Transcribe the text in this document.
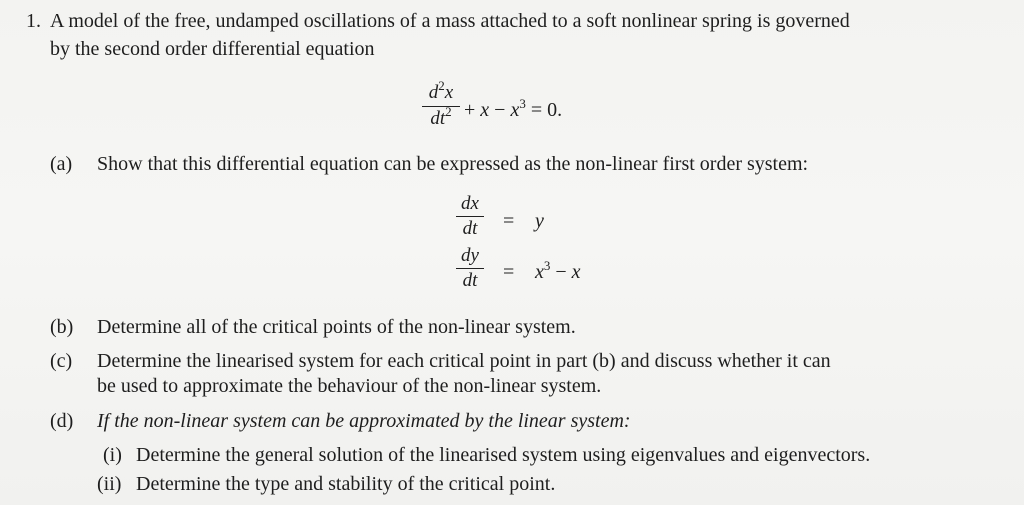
1. A model of the free, undamped oscillations of a mass attached to a soft nonlinear spring is governed
by the second order differential equation
$d^2x$
$dt^2 + x - x^3 = 0$.
(a) Show that this differential equation can be expressed as the non-linear first order system:
dx
dt	= y
dy
dt	= $x^3 - x$
(b) Determine all of the critical points of the non-linear system.
(c) Determine the linearised system for each critical point in part (b) and discuss whether it can
be used to approximate the behaviour of the non-linear system.
(d) If the non-linear system can be approximated by the linear system:
(i) Determine the general solution of the linearised system using eigenvalues and eigenvectors.
(ii) Determine the type and stability of the critical point.
